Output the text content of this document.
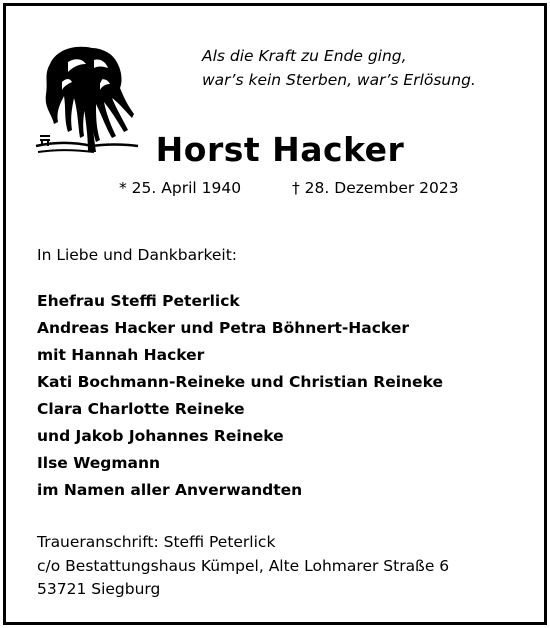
Als die Kraft zu Ende ging,
war’s kein Sterben, war’s Erlösung.
Horst Hacker
* 25. April 1940	† 28. Dezember 2023
In Liebe und Dankbarkeit:
Ehefrau Steffi Peterlick
Andreas Hacker und Petra Böhnert-Hacker
mit Hannah Hacker
Kati Bochmann-Reineke und Christian Reineke
Clara Charlotte Reineke
und Jakob Johannes Reineke
Ilse Wegmann
im Namen aller Anverwandten
Traueranschrift: Steffi Peterlick
c/o Bestattungshaus Kümpel, Alte Lohmarer Straße 6
53721 Siegburg
